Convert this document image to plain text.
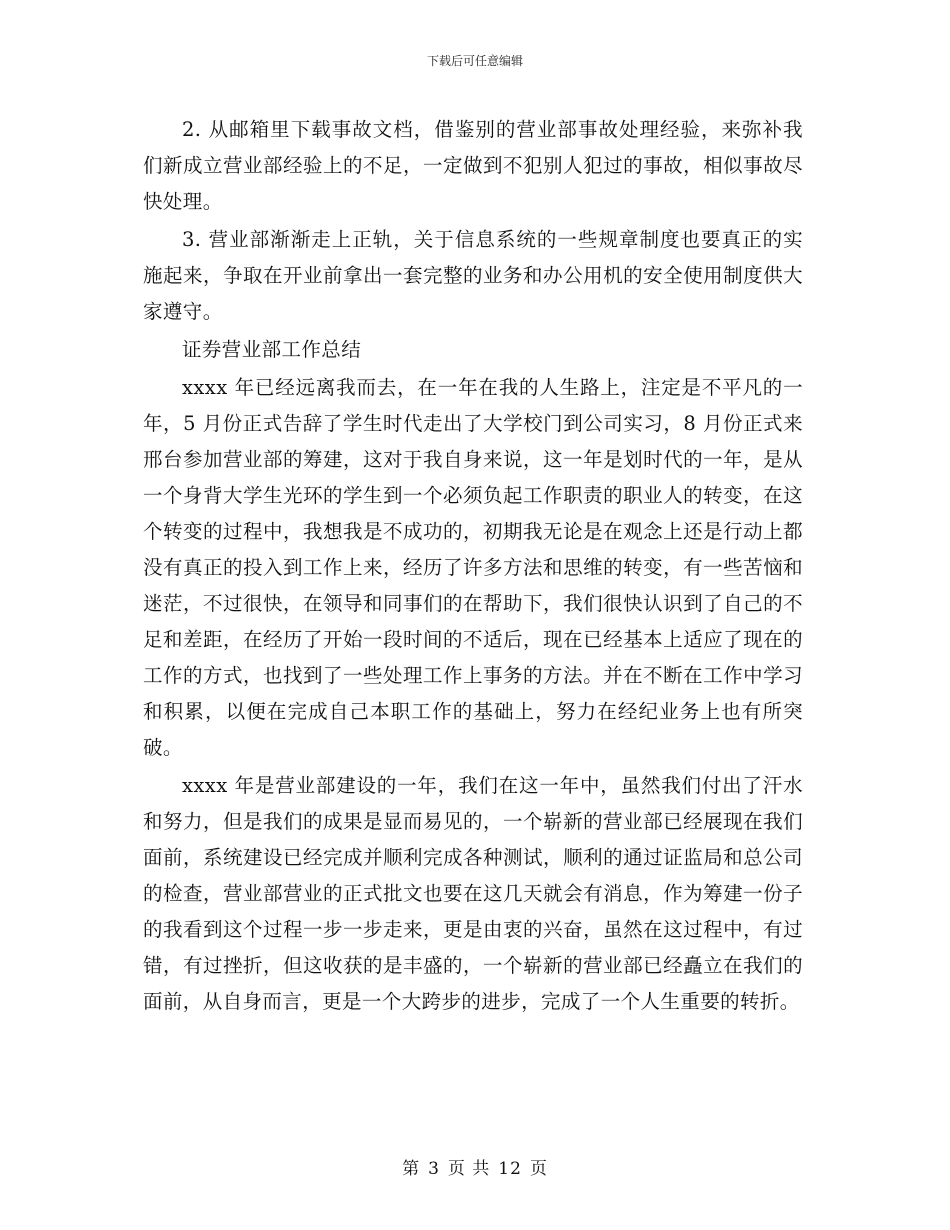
下载后可任意编辑

2. 从邮箱里下载事故文档，借鉴别的营业部事故处理经验，来弥补我们新成立营业部经验上的不足，一定做到不犯别人犯过的事故，相似事故尽快处理。

3. 营业部渐渐走上正轨，关于信息系统的一些规章制度也要真正的实施起来，争取在开业前拿出一套完整的业务和办公用机的安全使用制度供大家遵守。

证券营业部工作总结

xxxx 年已经远离我而去，在一年在我的人生路上，注定是不平凡的一年，5 月份正式告辞了学生时代走出了大学校门到公司实习，8 月份正式来邢台参加营业部的筹建，这对于我自身来说，这一年是划时代的一年，是从一个身背大学生光环的学生到一个必须负起工作职责的职业人的转变，在这个转变的过程中，我想我是不成功的，初期我无论是在观念上还是行动上都没有真正的投入到工作上来，经历了许多方法和思维的转变，有一些苦恼和迷茫，不过很快，在领导和同事们的在帮助下，我们很快认识到了自己的不足和差距，在经历了开始一段时间的不适后，现在已经基本上适应了现在的工作的方式，也找到了一些处理工作上事务的方法。并在不断在工作中学习和积累，以便在完成自己本职工作的基础上，努力在经纪业务上也有所突破。

xxxx 年是营业部建设的一年，我们在这一年中，虽然我们付出了汗水和努力，但是我们的成果是显而易见的，一个崭新的营业部已经展现在我们面前，系统建设已经完成并顺利完成各种测试，顺利的通过证监局和总公司的检查，营业部营业的正式批文也要在这几天就会有消息，作为筹建一份子的我看到这个过程一步一步走来，更是由衷的兴奋，虽然在这过程中，有过错，有过挫折，但这收获的是丰盛的，一个崭新的营业部已经矗立在我们的面前，从自身而言，更是一个大跨步的进步，完成了一个人生重要的转折。

第 3 页 共 12 页
